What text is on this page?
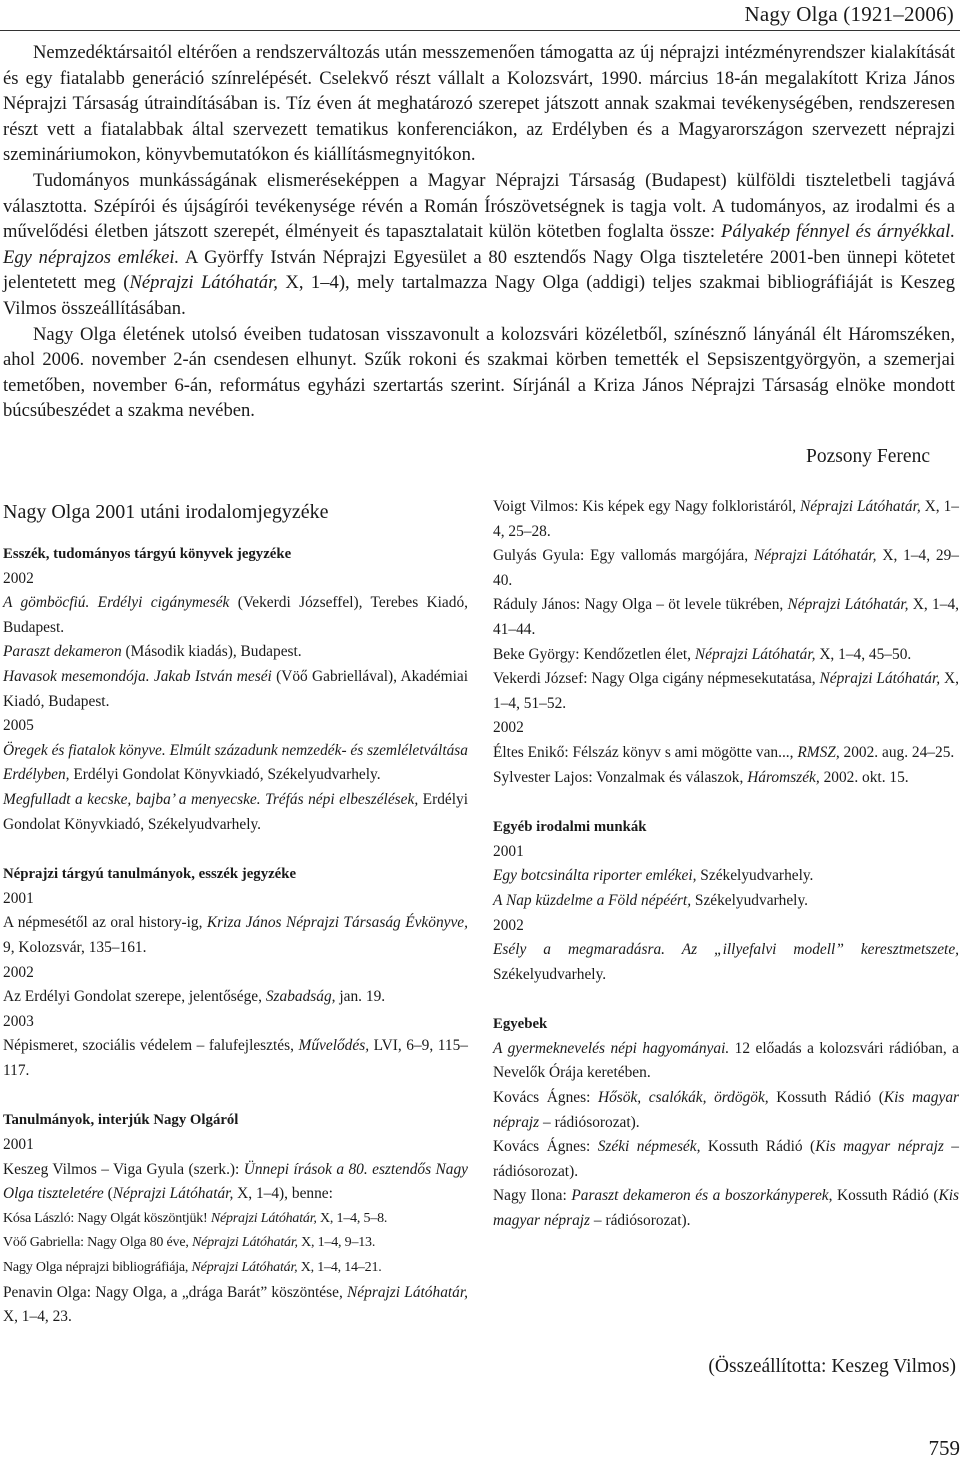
Nagy Olga (1921–2006)

Nemzedéktársaitól eltérően a rendszerváltozás után messzemenően támogatta az új néprajzi intézményrendszer kialakítását és egy fiatalabb generáció színrelépését. Cselekvő részt vállalt a Kolozsvárt, 1990. március 18-án megalakított Kriza János Néprajzi Társaság útraindításában is. Tíz éven át meghatározó szerepet játszott annak szakmai tevékenységében, rendszeresen részt vett a fiatalabbak által szervezett tematikus konferenciákon, az Erdélyben és a Magyarországon szervezett néprajzi szemináriumokon, könyvbemutatókon és kiállításmegnyitókon.

Tudományos munkásságának elismeréseképpen a Magyar Néprajzi Társaság (Budapest) külföldi tiszteletbeli tagjává választotta. Szépírói és újságírói tevékenysége révén a Román Írószövetségnek is tagja volt. A tudományos, az irodalmi és a művelődési életben játszott szerepét, élményeit és tapasztalatait külön kötetben foglalta össze: Pályakép fénnyel és árnyékkal. Egy néprajzos emlékei. A Györffy István Néprajzi Egyesület a 80 esztendős Nagy Olga tiszteletére 2001-ben ünnepi kötetet jelentetett meg (Néprajzi Látóhatár, X, 1–4), mely tartalmazza Nagy Olga (addigi) teljes szakmai bibliográfiáját is Keszeg Vilmos összeállításában.

Nagy Olga életének utolsó éveiben tudatosan visszavonult a kolozsvári közéletből, színésznő lányánál élt Háromszéken, ahol 2006. november 2-án csendesen elhunyt. Szűk rokoni és szakmai körben temették el Sepsiszentgyörgyön, a szemerjai temetőben, november 6-án, református egyházi szertartás szerint. Sírjánál a Kriza János Néprajzi Társaság elnöke mondott búcsúbeszédet a szakma nevében.

Pozsony Ferenc
Nagy Olga 2001 utáni irodalomjegyzéke
Esszék, tudományos tárgyú könyvek jegyzéke
2002
A gömböcfiú. Erdélyi cigánymesék (Vekerdi Józseffel), Terebes Kiadó, Budapest.
Paraszt dekameron (Második kiadás), Budapest.
Havasok mesemondója. Jakab István meséi (Vöő Gabriellával), Akadémiai Kiadó, Budapest.
2005
Öregek és fiatalok könyve. Elmúlt századunk nemzedék- és szemléletváltása Erdélyben, Erdélyi Gondolat Könyvkiadó, Székelyudvarhely.
Megfulladt a kecske, bajba’ a menyecske. Tréfás népi elbeszélések, Erdélyi Gondolat Könyvkiadó, Székelyudvarhely.
Néprajzi tárgyú tanulmányok, esszék jegyzéke
2001
A népmesétől az oral history-ig, Kriza János Néprajzi Társaság Évkönyve, 9, Kolozsvár, 135–161.
2002
Az Erdélyi Gondolat szerepe, jelentősége, Szabadság, jan. 19.
2003
Népismeret, szociális védelem – falufejlesztés, Művelődés, LVI, 6–9, 115–117.
Tanulmányok, interjúk Nagy Olgáról
2001
Keszeg Vilmos – Viga Gyula (szerk.): Ünnepi írások a 80. esztendős Nagy Olga tiszteletére (Néprajzi Látóhatár, X, 1–4), benne:
Kósa László: Nagy Olgát köszöntjük! Néprajzi Látóhatár, X, 1–4, 5–8.
Vöő Gabriella: Nagy Olga 80 éve, Néprajzi Látóhatár, X, 1–4, 9–13.
Nagy Olga néprajzi bibliográfiája, Néprajzi Látóhatár, X, 1–4, 14–21.
Penavin Olga: Nagy Olga, a „drága Barát” köszöntése, Néprajzi Látóhatár, X, 1–4, 23.
Voigt Vilmos: Kis képek egy Nagy folkloristáról, Néprajzi Látóhatár, X, 1–4, 25–28.
Gulyás Gyula: Egy vallomás margójára, Néprajzi Látóhatár, X, 1–4, 29–40.
Ráduly János: Nagy Olga – öt levele tükrében, Néprajzi Látóhatár, X, 1–4, 41–44.
Beke György: Kendőzetlen élet, Néprajzi Látóhatár, X, 1–4, 45–50.
Vekerdi József: Nagy Olga cigány népmesekutatása, Néprajzi Látóhatár, X, 1–4, 51–52.
2002
Éltes Enikő: Félszáz könyv s ami mögötte van..., RMSZ, 2002. aug. 24–25.
Sylvester Lajos: Vonzalmak és válaszok, Háromszék, 2002. okt. 15.
Egyéb irodalmi munkák
2001
Egy botcsinálta riporter emlékei, Székelyudvarhely.
A Nap küzdelme a Föld népéért, Székelyudvarhely.
2002
Esély a megmaradásra. Az „illyefalvi modell” keresztmetszete, Székelyudvarhely.
Egyebek
A gyermeknevelés népi hagyományai. 12 előadás a kolozsvári rádióban, a Nevelők Órája keretében.
Kovács Ágnes: Hősök, csalókák, ördögök, Kossuth Rádió (Kis magyar néprajz – rádiósorozat).
Kovács Ágnes: Széki népmesék, Kossuth Rádió (Kis magyar néprajz – rádiósorozat).
Nagy Ilona: Paraszt dekameron és a boszorkányperek, Kossuth Rádió (Kis magyar néprajz – rádiósorozat).
(Összeállította: Keszeg Vilmos)
759
